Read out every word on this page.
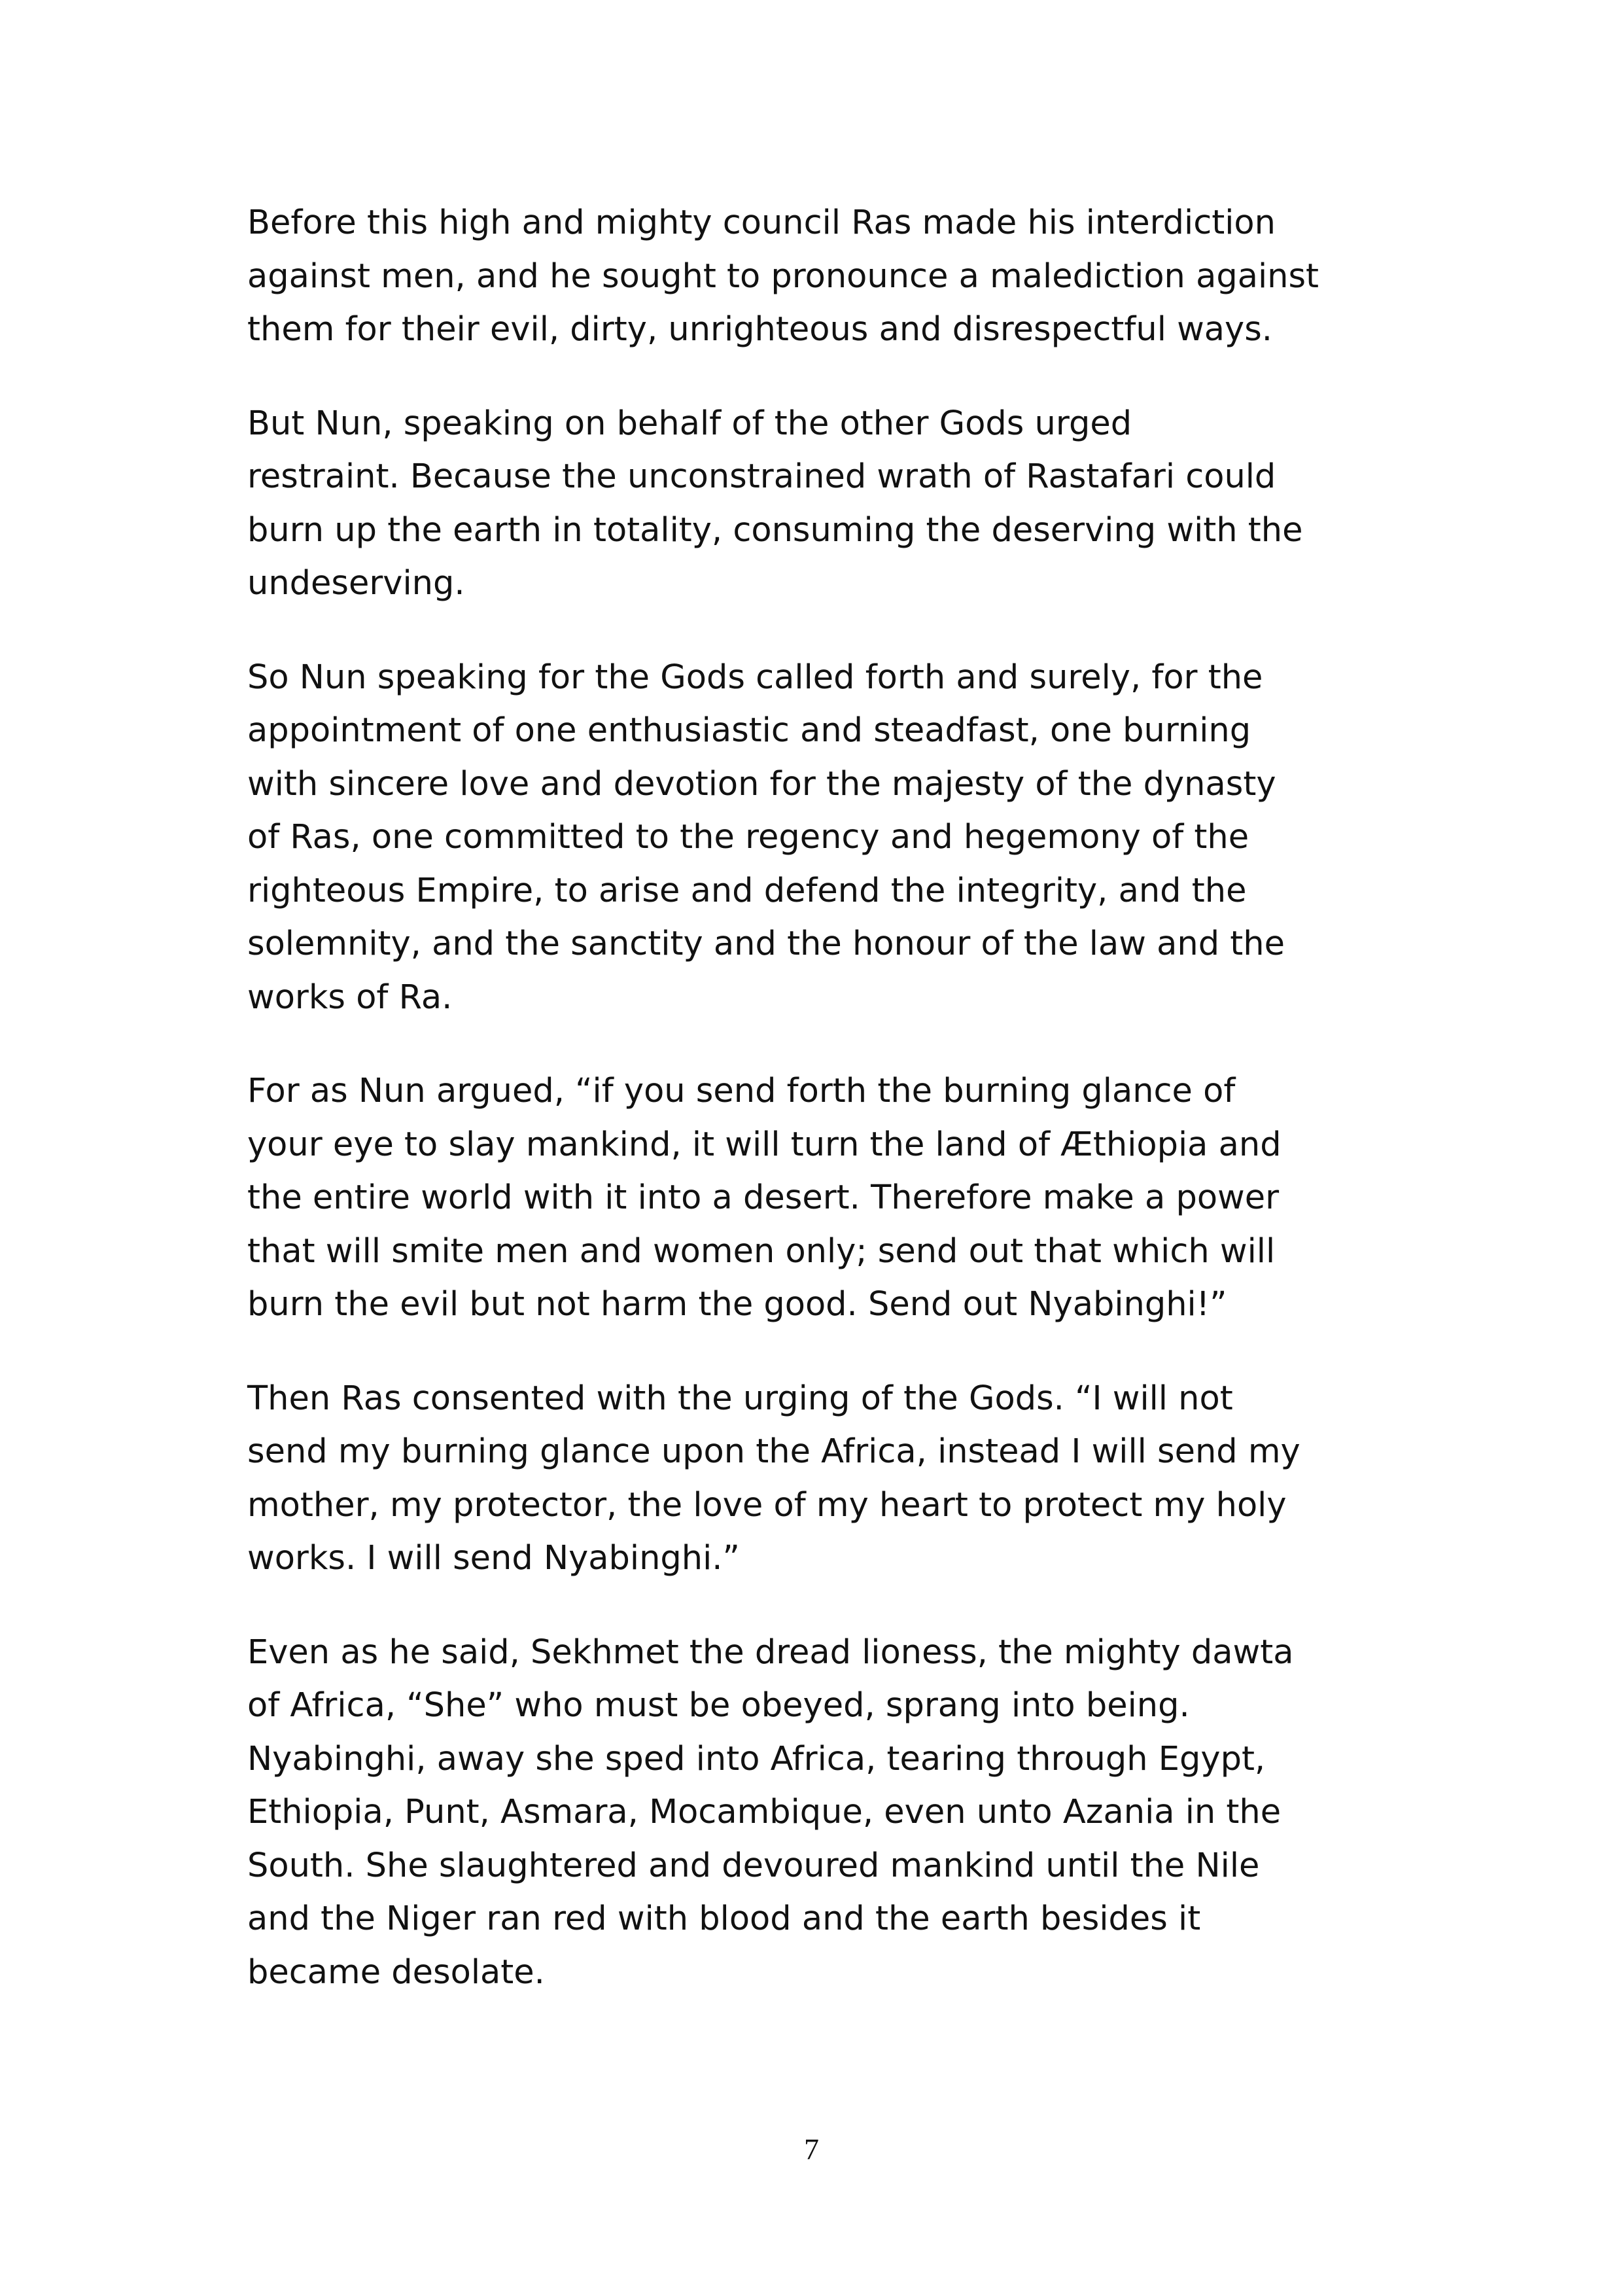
Before this high and mighty council Ras made his interdiction
against men, and he sought to pronounce a malediction against
them for their evil, dirty, unrighteous and disrespectful ways.

But Nun, speaking on behalf of the other Gods urged
restraint. Because the unconstrained wrath of Rastafari could
burn up the earth in totality, consuming the deserving with the
undeserving.

So Nun speaking for the Gods called forth and surely, for the
appointment of one enthusiastic and steadfast, one burning
with sincere love and devotion for the majesty of the dynasty
of Ras, one committed to the regency and hegemony of the
righteous Empire, to arise and defend the integrity, and the
solemnity, and the sanctity and the honour of the law and the
works of Ra.

For as Nun argued, “if you send forth the burning glance of
your eye to slay mankind, it will turn the land of Æthiopia and
the entire world with it into a desert. Therefore make a power
that will smite men and women only; send out that which will
burn the evil but not harm the good. Send out Nyabinghi!”

Then Ras consented with the urging of the Gods. “I will not
send my burning glance upon the Africa, instead I will send my
mother, my protector, the love of my heart to protect my holy
works. I will send Nyabinghi.”

Even as he said, Sekhmet the dread lioness, the mighty dawta
of Africa, “She” who must be obeyed, sprang into being.
Nyabinghi, away she sped into Africa, tearing through Egypt,
Ethiopia, Punt, Asmara, Mocambique, even unto Azania in the
South. She slaughtered and devoured mankind until the Nile
and the Niger ran red with blood and the earth besides it
became desolate.

7
